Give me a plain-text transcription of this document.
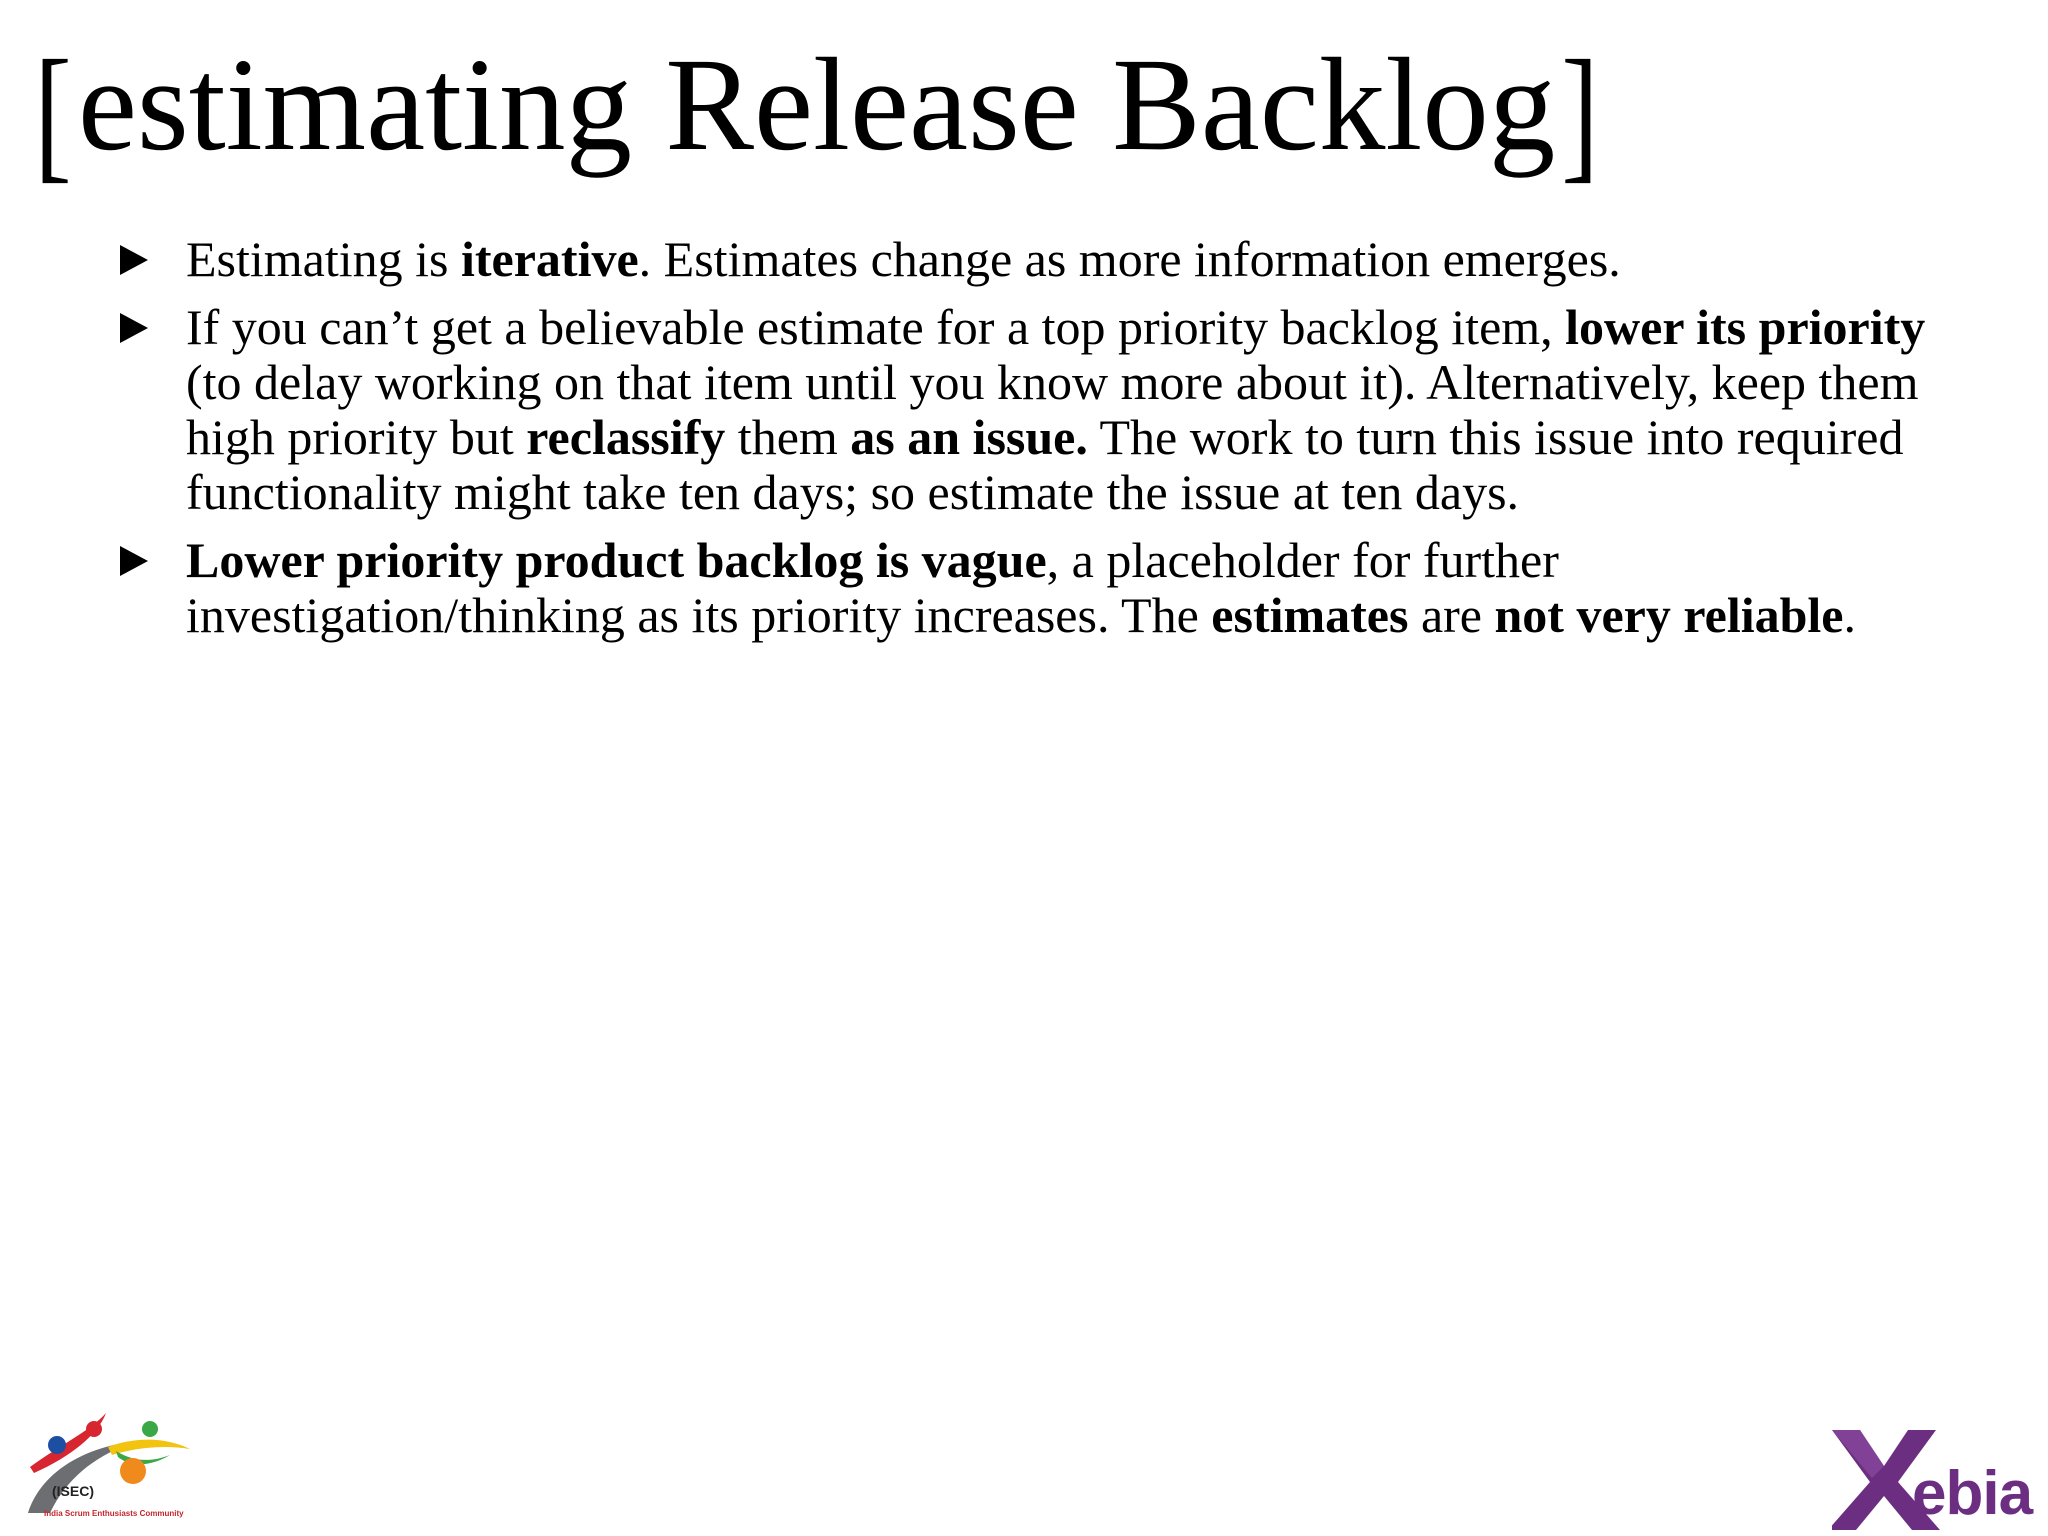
[estimating Release Backlog]
Estimating is iterative. Estimates change as more information emerges.
If you can’t get a believable estimate for a top priority backlog item, lower its priority (to delay working on that item until you know more about it). Alternatively, keep them high priority but reclassify them as an issue. The work to turn this issue into required functionality might take ten days; so estimate the issue at ten days.
Lower priority product backlog is vague, a placeholder for further investigation/thinking as its priority increases. The estimates are not very reliable.
(ISEC)
India Scrum Enthusiasts Community	ebia
